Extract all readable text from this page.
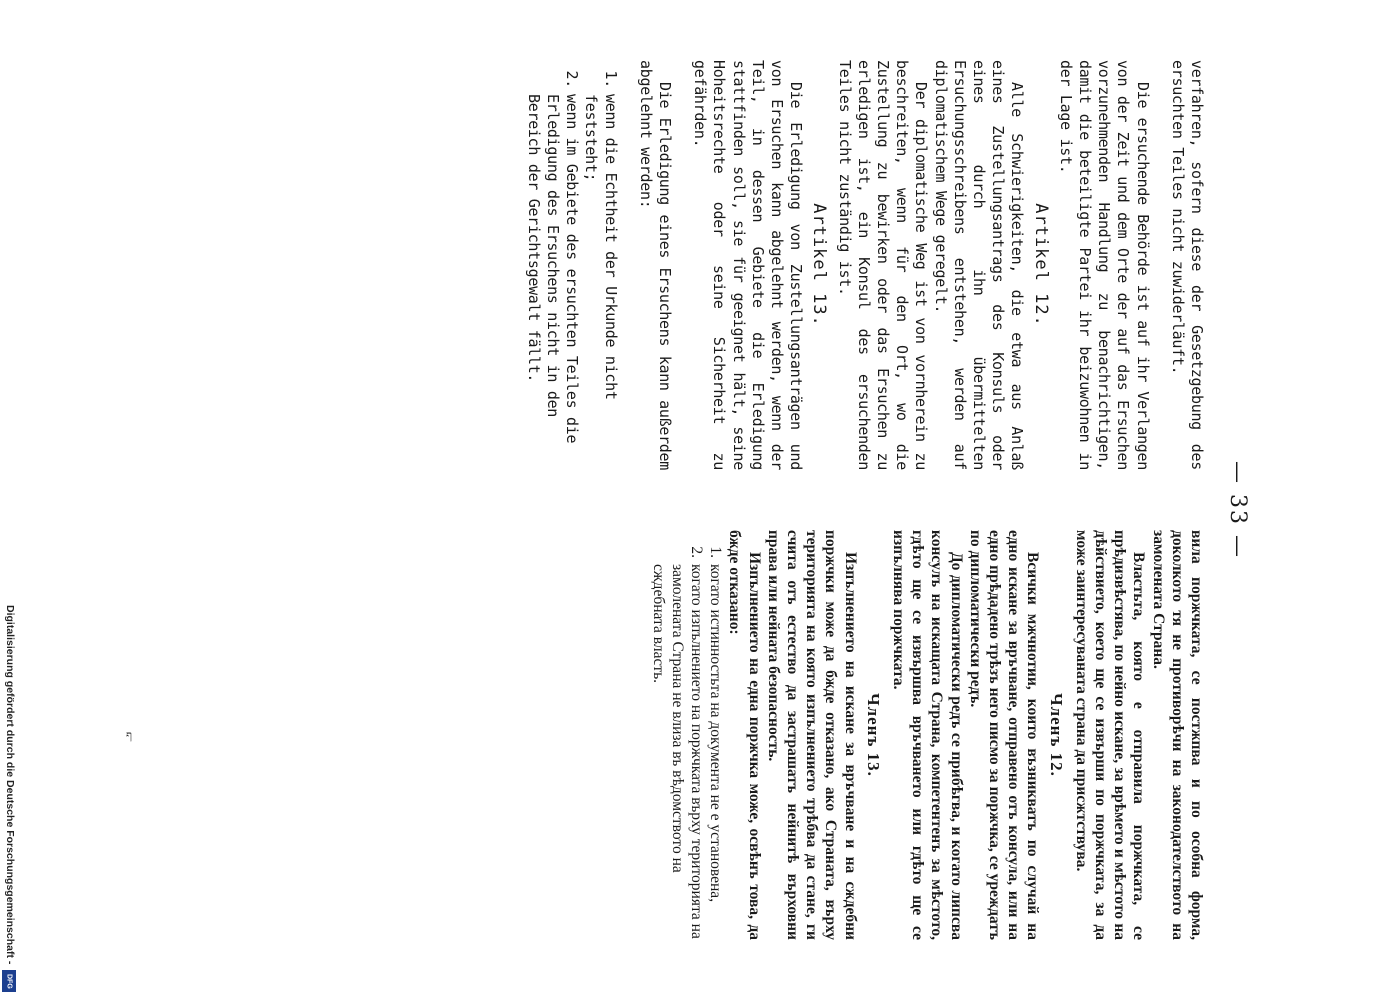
— 33 —

verfahren, sofern diese der Gesetzgebung des ersuchten Teiles nicht zuwiderläuft.

Die ersuchende Behörde ist auf ihr Verlangen von der Zeit und dem Orte der auf das Ersuchen vorzunehmenden Handlung zu benachrichtigen, damit die beteiligte Partei ihr beizuwohnen in der Lage ist.

Artikel 12.

Alle Schwierigkeiten, die etwa aus Anlaß eines Zustellungsantrags des Konsuls oder eines durch ihn übermittelten Ersuchungsschreibens entstehen, werden auf diplomatischem Wege geregelt.

Der diplomatische Weg ist von vornherein zu beschreiten, wenn für den Ort, wo die Zustellung zu bewirken oder das Ersuchen zu erledigen ist, ein Konsul des ersuchenden Teiles nicht zuständig ist.

Artikel 13.

Die Erledigung von Zustellungsanträgen und von Ersuchen kann abgelehnt werden, wenn der Teil, in dessen Gebiete die Erledigung stattfinden soll, sie für geeignet hält, seine Hoheitsrechte oder seine Sicherheit zu gefährden.

Die Erledigung eines Ersuchens kann außerdem abgelehnt werden:

1.
wenn die Echtheit der Urkunde nicht feststeht;
2.
wenn im Gebiete des ersuchten Teiles die Erledigung des Ersuchens nicht in den Bereich der Gerichtsgewalt fällt.

вила поржчката, се постжпва и по особна форма, доколкото тя не противорѣчи на законодателството на замолената Страна.

Властьта, която е отправила поржчката, се прѣдизвѣстява, по нейно искане, за врѣмето и мѣстото на дѣйствието, което ще се извърши по поржчката, за да може заинтересуваната страна да присжтствува.

Членъ 12.

Всички мжчнотии, които възникватъ по случай на едно искане за връчване, отправено отъ консула, или на едно прѣдадено трѣзъ него писмо за поржчка, се уреждатъ по дипломатически редъ.

До дипломатически редъ се прибѣгва, и когато липсва консулъ на искащата Страна, компетентенъ за мѣстото, гдѣто ще се извършва връчването или гдѣто ще се изпълнява поржчката.

Членъ 13.

Изпълнението на искане за връчване и на сждебни поржчки може да бжде отказано, ако Страната, върху територията на която изпълнението трѣбва да стане, ги счита отъ естество да застрашатъ нейнитѣ върховни права или нейната безопасность.

Изпълнението на една поржчка може, освѣнъ това, да бжде отказано:

1.
когато истинностьта на документа не е установена,
2.
когато изпълнението на поржчката върху територията на замолената Страна не влиза въ вѣдомството на сждебната власть.
ף
Digitalisierung gefördert durch die Deutsche Forschungsgemeinschaft -
DFG
